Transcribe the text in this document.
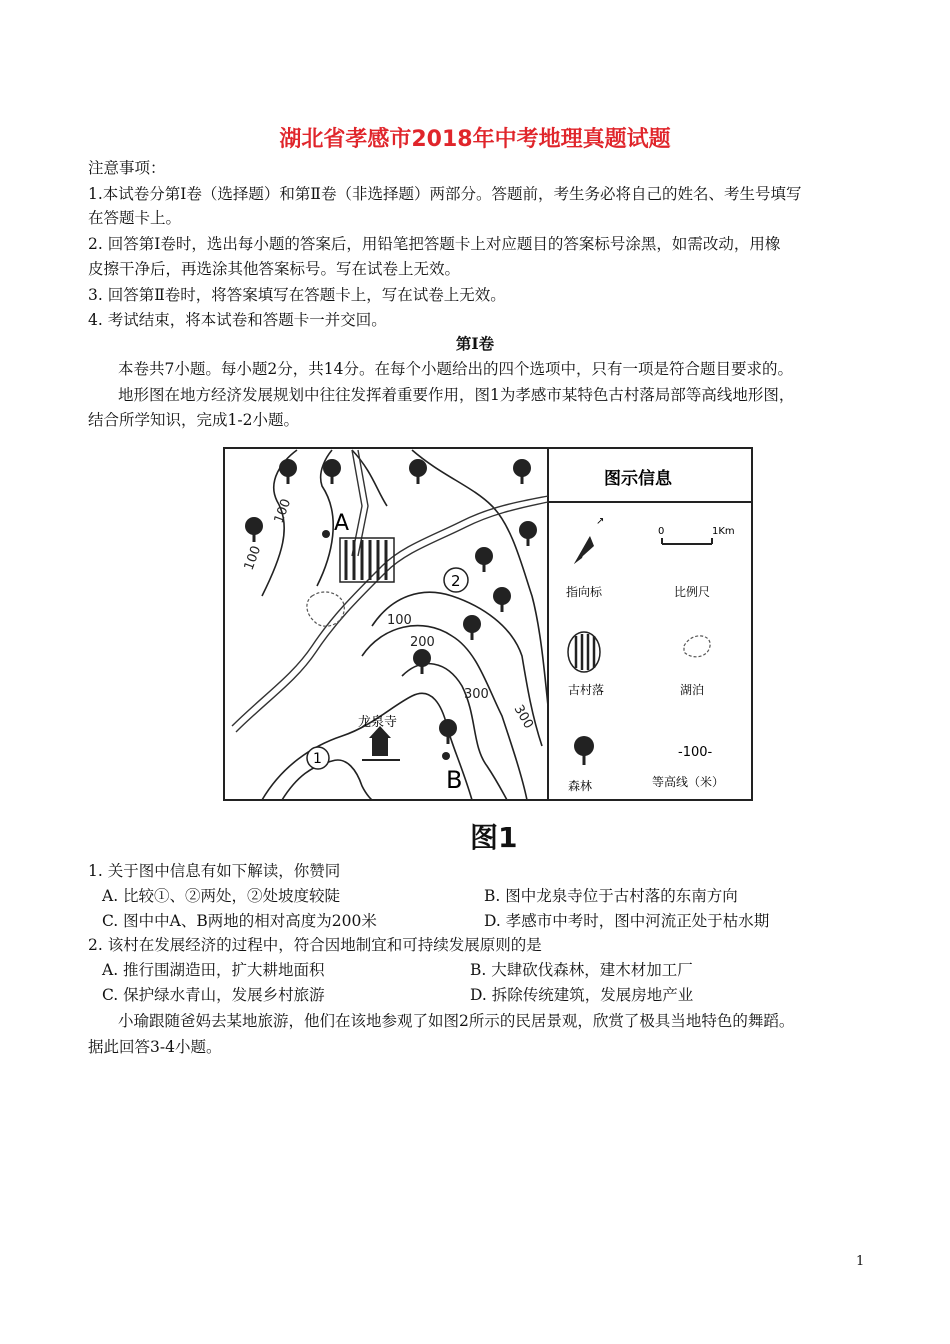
湖北省孝感市2018年中考地理真题试题
注意事项：
1.本试卷分第Ⅰ卷（选择题）和第Ⅱ卷（非选择题）两部分。答题前，考生务必将自己的姓名、考生号填写
在答题卡上。
2. 回答第Ⅰ卷时，选出每小题的答案后，用铅笔把答题卡上对应题目的答案标号涂黑，如需改动，用橡
皮擦干净后，再选涂其他答案标号。写在试卷上无效。
3. 回答第Ⅱ卷时，将答案填写在答题卡上，写在试卷上无效。
4. 考试结束，将本试卷和答题卡一并交回。
第Ⅰ卷
本卷共7小题。每小题2分，共14分。在每个小题给出的四个选项中，只有一项是符合题目要求的。
地形图在地方经济发展规划中往往发挥着重要作用，图1为孝感市某特色古村落局部等高线地形图，
结合所学知识，完成1-2小题。
龙泉寺
A
B
1
2
100
100
100
200
300
300
图示信息
↗
指向标
0	1Km
比例尺
古村落	湖泊
森林
-100-
等高线（米）
图1
1. 关于图中信息有如下解读，你赞同
A. 比较①、②两处，②处坡度较陡	B. 图中龙泉寺位于古村落的东南方向
C. 图中中A、B两地的相对高度为200米	D. 孝感市中考时，图中河流正处于枯水期
2. 该村在发展经济的过程中，符合因地制宜和可持续发展原则的是
A. 推行围湖造田，扩大耕地面积	B. 大肆砍伐森林，建木材加工厂
C. 保护绿水青山，发展乡村旅游	D. 拆除传统建筑，发展房地产业
小瑜跟随爸妈去某地旅游，他们在该地参观了如图2所示的民居景观，欣赏了极具当地特色的舞蹈。
据此回答3-4小题。
1
